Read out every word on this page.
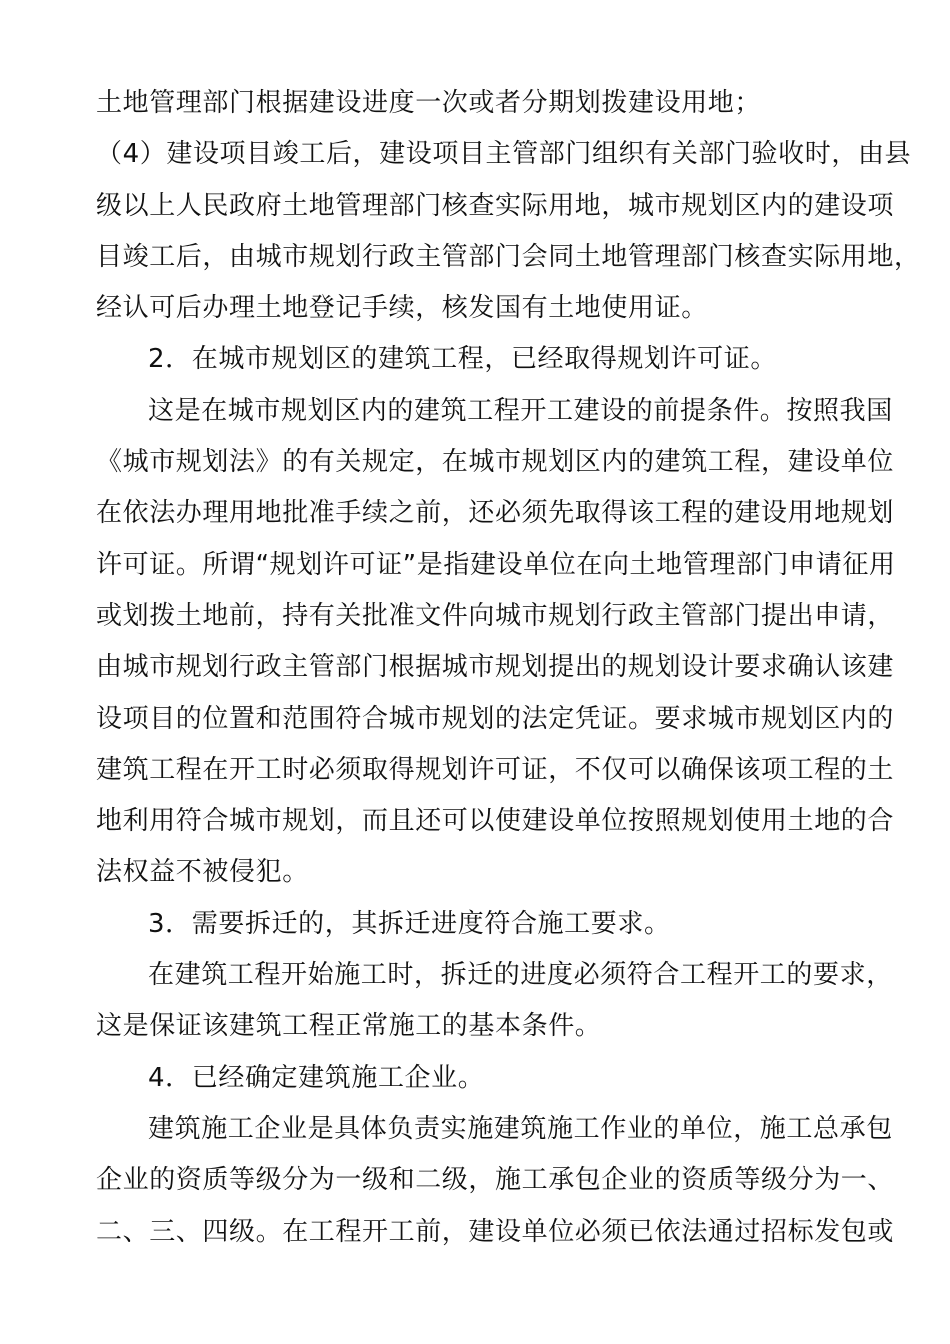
土地管理部门根据建设进度一次或者分期划拨建设用地；
（4）建设项目竣工后，建设项目主管部门组织有关部门验收时，由县
级以上人民政府土地管理部门核查实际用地，城市规划区内的建设项
目竣工后，由城市规划行政主管部门会同土地管理部门核查实际用地，
经认可后办理土地登记手续，核发国有土地使用证。
2．在城市规划区的建筑工程，已经取得规划许可证。
这是在城市规划区内的建筑工程开工建设的前提条件。按照我国
《城市规划法》的有关规定，在城市规划区内的建筑工程，建设单位
在依法办理用地批准手续之前，还必须先取得该工程的建设用地规划
许可证。所谓“规划许可证”是指建设单位在向土地管理部门申请征用
或划拨土地前，持有关批准文件向城市规划行政主管部门提出申请，
由城市规划行政主管部门根据城市规划提出的规划设计要求确认该建
设项目的位置和范围符合城市规划的法定凭证。要求城市规划区内的
建筑工程在开工时必须取得规划许可证，不仅可以确保该项工程的土
地利用符合城市规划，而且还可以使建设单位按照规划使用土地的合
法权益不被侵犯。
3．需要拆迁的，其拆迁进度符合施工要求。
在建筑工程开始施工时，拆迁的进度必须符合工程开工的要求，
这是保证该建筑工程正常施工的基本条件。
4．已经确定建筑施工企业。
建筑施工企业是具体负责实施建筑施工作业的单位，施工总承包
企业的资质等级分为一级和二级，施工承包企业的资质等级分为一、
二、三、四级。在工程开工前，建设单位必须已依法通过招标发包或
